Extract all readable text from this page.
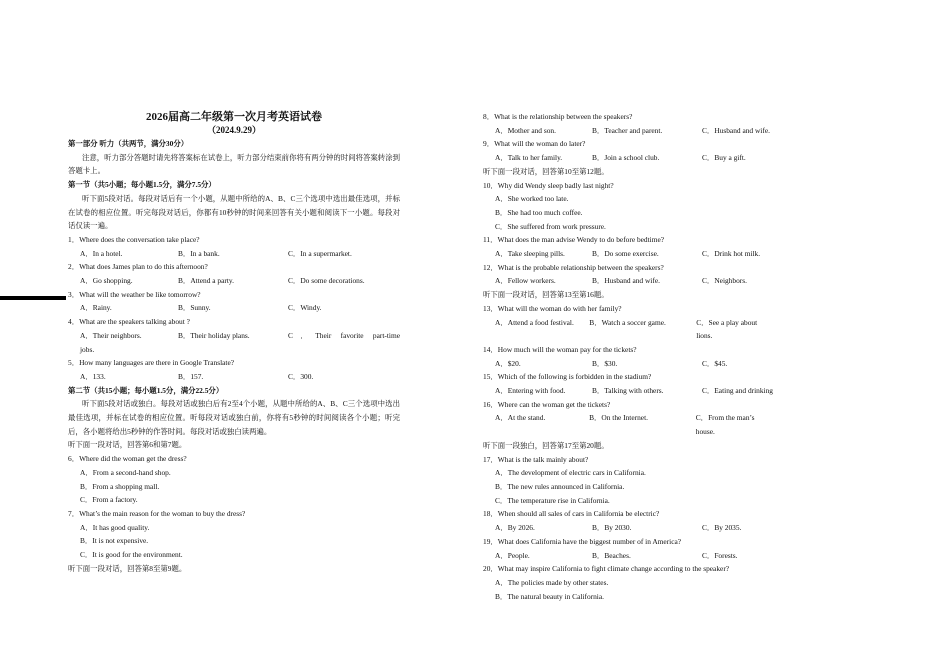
2026届高二年级第一次月考英语试卷
（2024.9.29）
第一部分 听力（共两节，满分30分）
注意，听力部分答题时请先将答案标在试卷上，听力部分结束前你将有两分钟的时间将答案转涂到答题卡上。
第一节（共5小题；每小题1.5分，满分7.5分）
听下面5段对话。每段对话后有一个小题，从题中所给的A、B、C三个选项中选出最佳选项，并标在试卷的相应位置。听完每段对话后，你都有10秒钟的时间来回答有关小题和阅读下一小题。每段对话仅读一遍。
1．Where does the conversation take place?
A．In a hotel.	B．In a bank.	C．In a supermarket.
2．What does James plan to do this afternoon?
A．Go shopping.	B．Attend a party.	C．Do some decorations.
3．What will the weather be like tomorrow?
A．Rainy.	B．Sunny.	C．Windy.
4．What are the speakers talking about ?
A．Their neighbors.	B．Their holiday plans.	C．Their favorite part-time
jobs.
5．How many languages are there in Google Translate?
A．133.	B．157.	C．300.
第二节（共15小题；每小题1.5分，满分22.5分）
听下面5段对话或独白。每段对话或独白后有2至4个小题，从题中所给的A、B、C三个选项中选出最佳选项，并标在试卷的相应位置。听每段对话或独白前，你将有5秒钟的时间阅读各个小题；听完后，各小题将给出5秒钟的作答时间。每段对话或独白读两遍。
听下面一段对话，回答第6和第7题。
6．Where did the woman get the dress?
A．From a second-hand shop.
B．From a shopping mall.
C．From a factory.
7．What’s the main reason for the woman to buy the dress?
A．It has good quality.
B．It is not expensive.
C．It is good for the environment.
听下面一段对话，回答第8至第9题。
8．What is the relationship between the speakers?
A．Mother and son.	B．Teacher and parent.	C．Husband and wife.
9．What will the woman do later?
A．Talk to her family.	B．Join a school club.	C．Buy a gift.
听下面一段对话，回答第10至第12题。
10．Why did Wendy sleep badly last night?
A．She worked too late.
B．She had too much coffee.
C．She suffered from work pressure.
11．What does the man advise Wendy to do before bedtime?
A．Take sleeping pills.	B．Do some exercise.	C．Drink hot milk.
12．What is the probable relationship between the speakers?
A．Fellow workers.	B．Husband and wife.	C．Neighbors.
听下面一段对话，回答第13至第16题。
13．What will the woman do with her family?
A．Attend a food festival.	B．Watch a soccer game.	C．See a play about lions.
14．How much will the woman pay for the tickets?
A．$20.	B．$30.	C．$45.
15．Which of the following is forbidden in the stadium?
A．Entering with food.	B．Talking with others.	C．Eating and drinking
16．Where can the woman get the tickets?
A．At the stand.	B．On the Internet.	C．From the man’s house.
听下面一段独白，回答第17至第20题。
17．What is the talk mainly about?
A．The development of electric cars in California.
B．The new rules announced in California.
C．The temperature rise in California.
18．When should all sales of cars in California be electric?
A．By 2026.	B．By 2030.	C．By 2035.
19．What does California have the biggest number of in America?
A．People.	B．Beaches.	C．Forests.
20．What may inspire California to fight climate change according to the speaker?
A．The policies made by other states.
B．The natural beauty in California.
